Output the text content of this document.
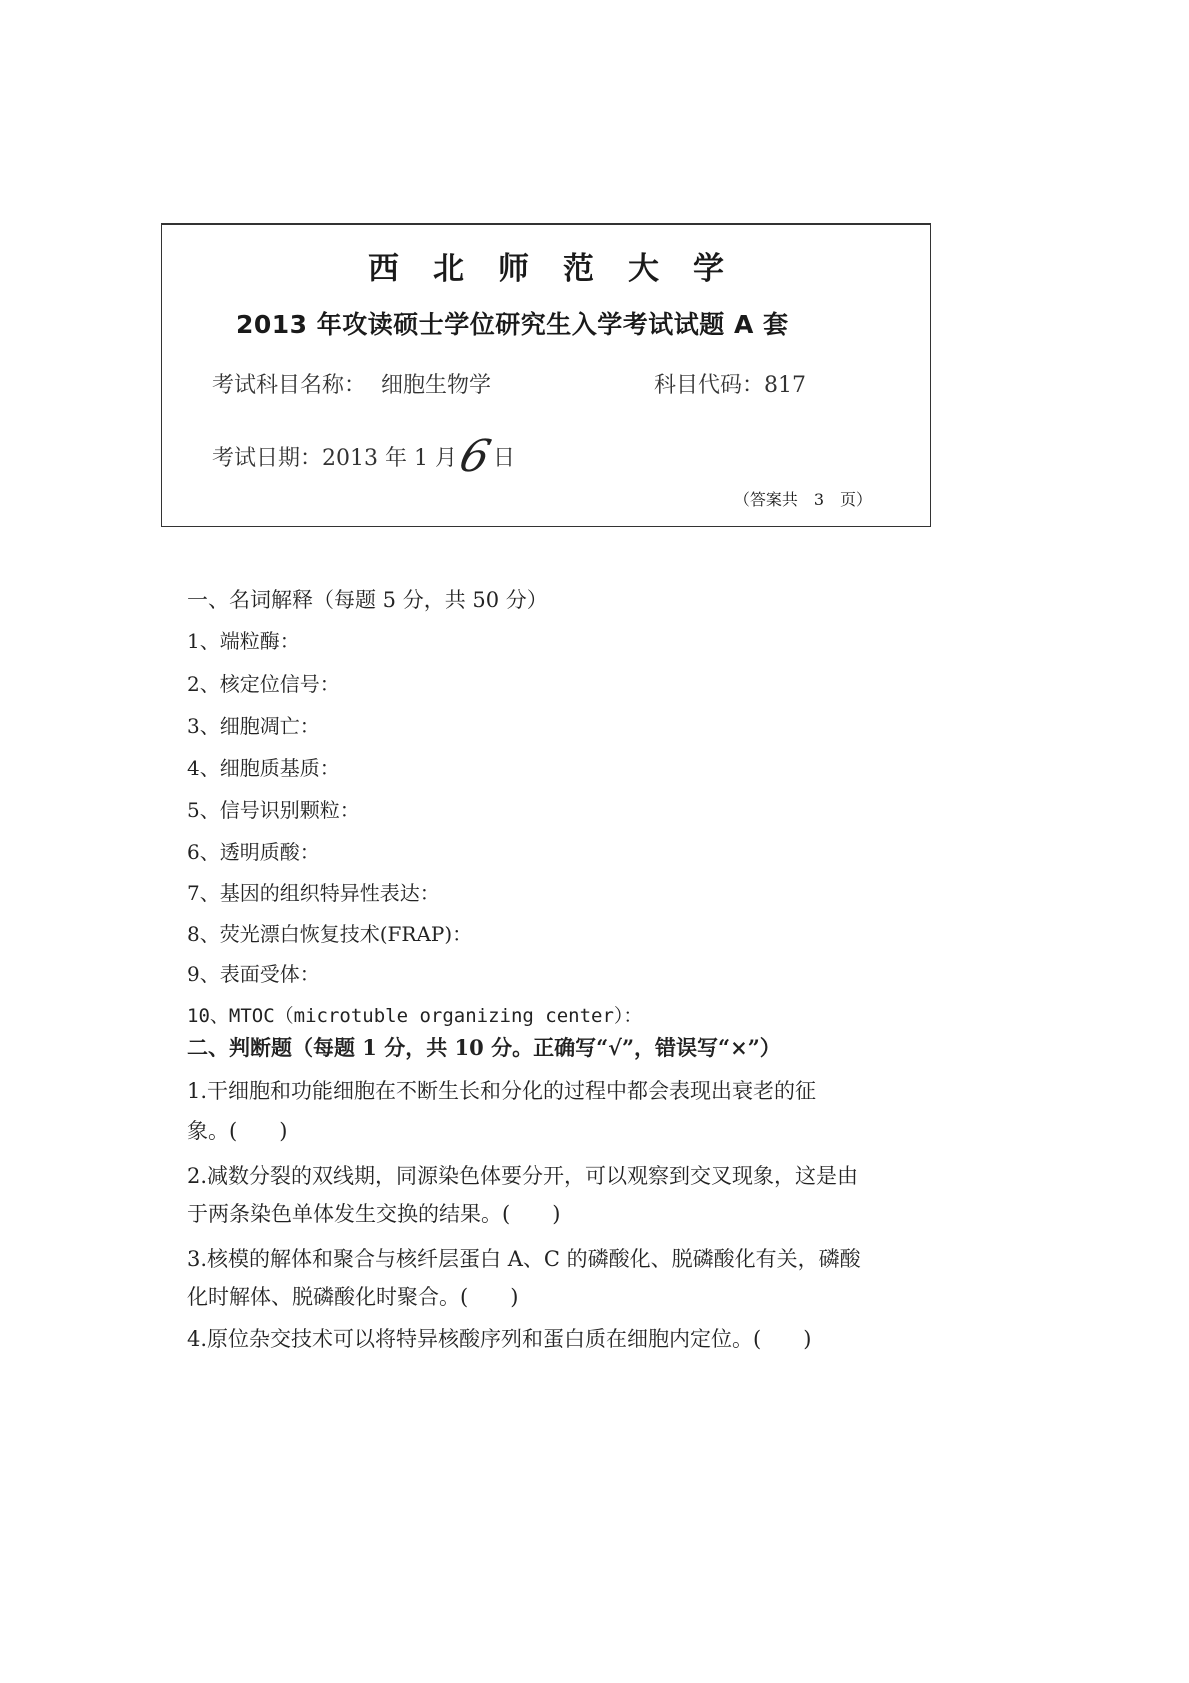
西北师范大学
2013 年攻读硕士学位研究生入学考试试题 A 套
考试科目名称： 细胞生物学	科目代码：817
考试日期：2013 年 1 月6日
（答案共　3　页）
一、名词解释（每题 5 分，共 50 分）
1、端粒酶：
2、核定位信号：
3、细胞凋亡：
4、细胞质基质：
5、信号识别颗粒：
6、透明质酸：
7、基因的组织特异性表达：
8、荧光漂白恢复技术(FRAP)：
9、表面受体：
10、MTOC（microtuble organizing center）：
二、判断题（每题 1 分，共 10 分。正确写“√”，错误写“×”）
1.干细胞和功能细胞在不断生长和分化的过程中都会表现出衰老的征
象。(　　)
2.减数分裂的双线期，同源染色体要分开，可以观察到交叉现象，这是由
于两条染色单体发生交换的结果。(　　)
3.核模的解体和聚合与核纤层蛋白 A、C 的磷酸化、脱磷酸化有关，磷酸
化时解体、脱磷酸化时聚合。(　　)
4.原位杂交技术可以将特异核酸序列和蛋白质在细胞内定位。(　　)
